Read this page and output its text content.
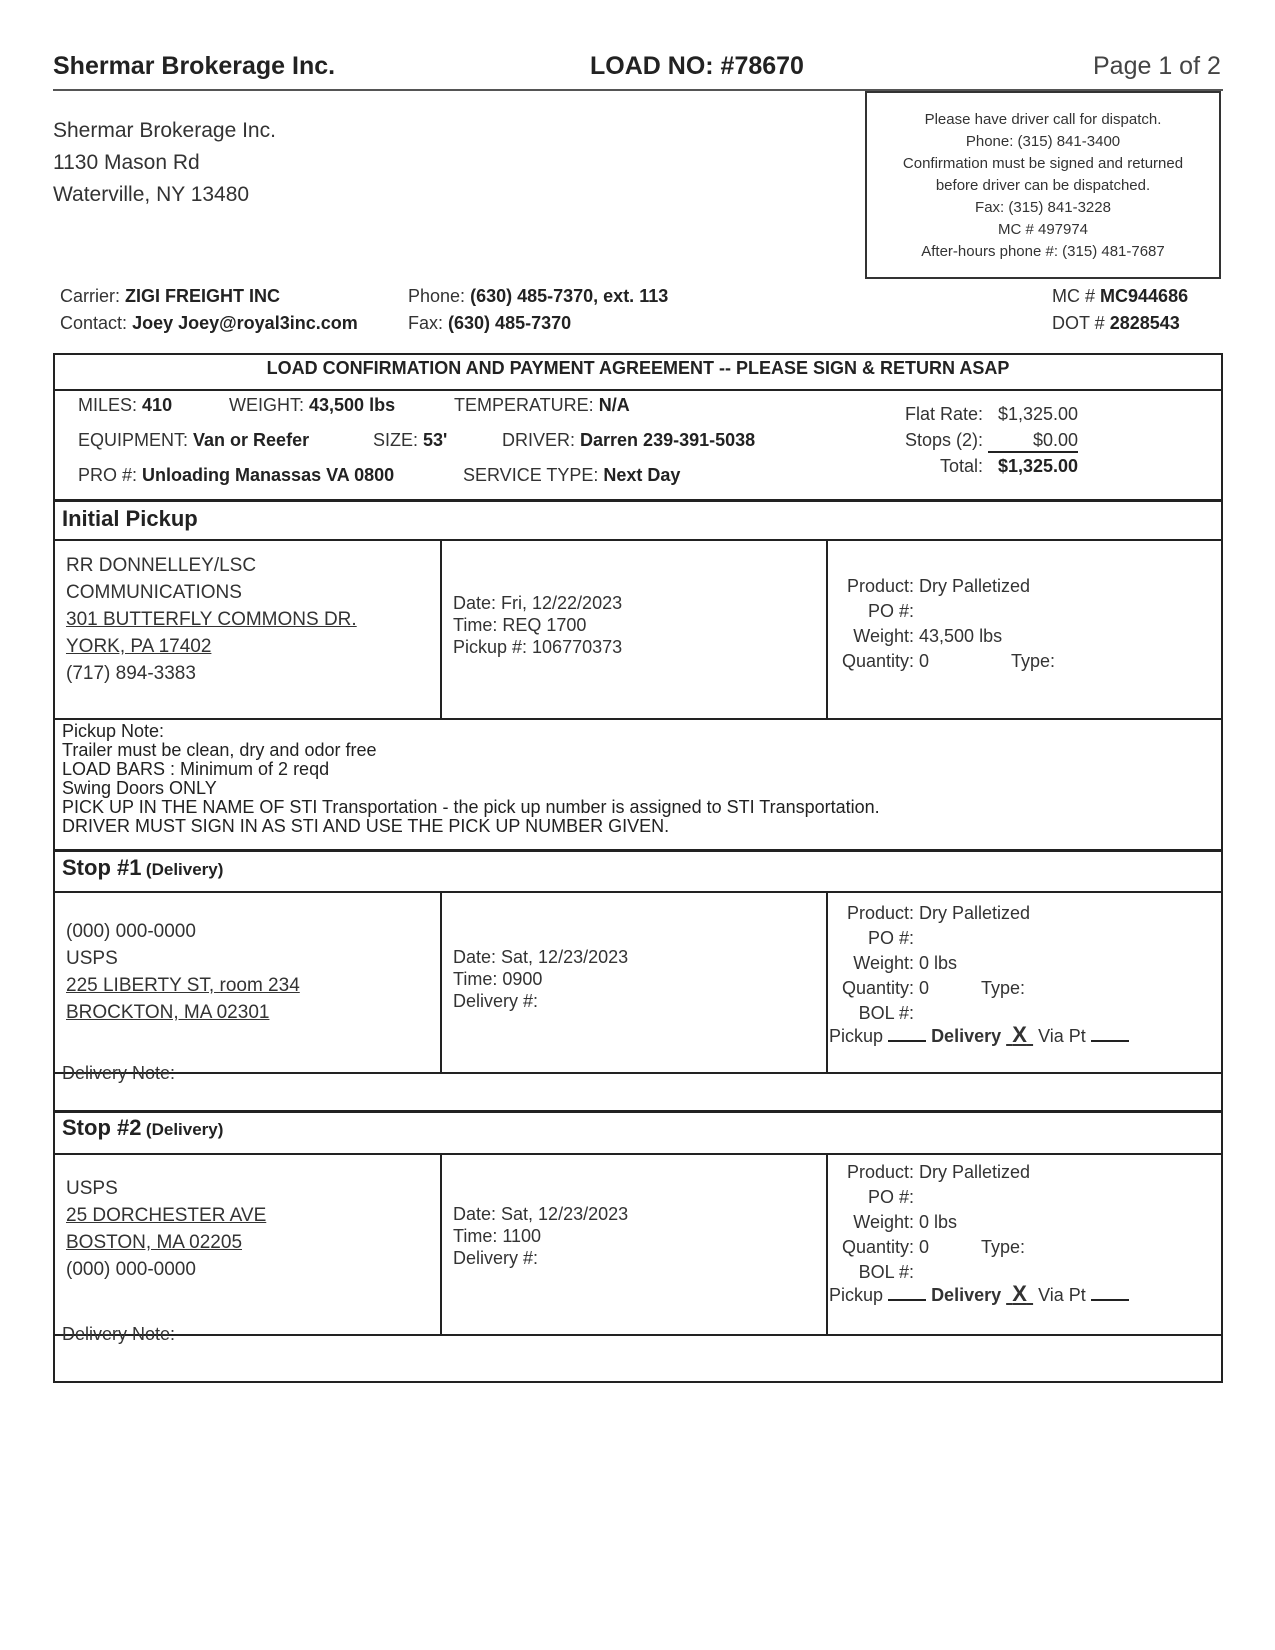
Shermar Brokerage Inc.	LOAD NO: #78670	Page 1 of 2
Shermar Brokerage Inc.
1130 Mason Rd
Waterville, NY 13480
Please have driver call for dispatch.
Phone: (315) 841-3400
Confirmation must be signed and returned
before driver can be dispatched.
Fax: (315) 841-3228
MC # 497974
After-hours phone #: (315) 481-7687
Carrier: ZIGI FREIGHT INC
Contact: Joey Joey@royal3inc.com
Phone: (630) 485-7370, ext. 113
Fax: (630) 485-7370
MC # MC944686
DOT # 2828543
LOAD CONFIRMATION AND PAYMENT AGREEMENT -- PLEASE SIGN & RETURN ASAP
MILES: 410	WEIGHT: 43,500 lbs	TEMPERATURE: N/A
EQUIPMENT: Van or Reefer	SIZE: 53'	DRIVER: Darren 239-391-5038
PRO #: Unloading Manassas VA 0800	SERVICE TYPE: Next Day
Flat Rate: $1,325.00
Stops (2):	$0.00
Total: $1,325.00
Initial Pickup
RR DONNELLEY/LSC
COMMUNICATIONS
301 BUTTERFLY COMMONS DR.
YORK, PA 17402
(717) 894-3383
Date: Fri, 12/22/2023
Time: REQ 1700
Pickup #: 106770373
Product: Dry Palletized
PO #:
Weight: 43,500 lbs
Quantity: 0	Type:
Pickup Note:
Trailer must be clean, dry and odor free
LOAD BARS : Minimum of 2 reqd
Swing Doors ONLY
PICK UP IN THE NAME OF STI Transportation - the pick up number is assigned to STI Transportation.
DRIVER MUST SIGN IN AS STI AND USE THE PICK UP NUMBER GIVEN.
Stop #1 (Delivery)
(000) 000-0000
USPS
225 LIBERTY ST, room 234
BROCKTON, MA 02301
Date: Sat, 12/23/2023
Time: 0900
Delivery #:
Product: Dry Palletized
PO #:
Weight: 0 lbs
Quantity: 0	Type:
BOL #:
Pickup	Delivery X Via Pt
Delivery Note:
Stop #2 (Delivery)
USPS
25 DORCHESTER AVE
BOSTON, MA 02205
(000) 000-0000
Date: Sat, 12/23/2023
Time: 1100
Delivery #:
Product: Dry Palletized
PO #:
Weight: 0 lbs
Quantity: 0	Type:
BOL #:
Pickup	Delivery X Via Pt
Delivery Note:
